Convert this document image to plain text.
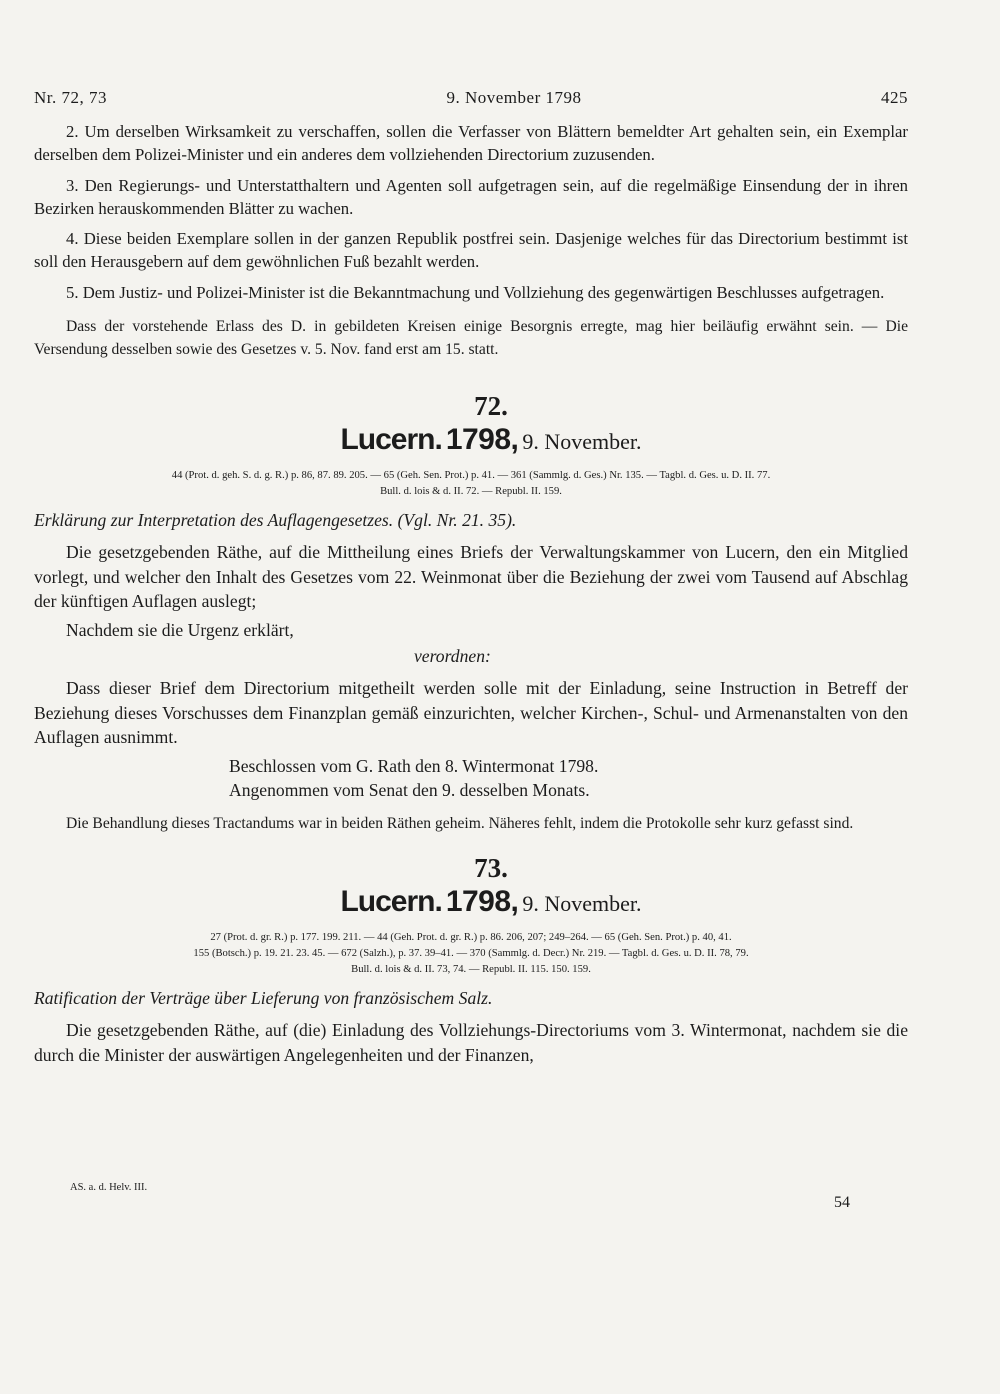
Nr. 72, 73	9. November 1798	425

2. Um derselben Wirksamkeit zu verschaffen, sollen die Verfasser von Blättern bemeldter Art gehalten sein, ein Exemplar derselben dem Polizei-Minister und ein anderes dem vollziehenden Directorium zuzusenden.

3. Den Regierungs- und Unterstatthaltern und Agenten soll aufgetragen sein, auf die regelmäßige Einsendung der in ihren Bezirken herauskommenden Blätter zu wachen.

4. Diese beiden Exemplare sollen in der ganzen Republik postfrei sein. Dasjenige welches für das Directorium bestimmt ist soll den Herausgebern auf dem gewöhnlichen Fuß bezahlt werden.

5. Dem Justiz- und Polizei-Minister ist die Bekanntmachung und Vollziehung des gegenwärtigen Beschlusses aufgetragen.

Dass der vorstehende Erlass des D. in gebildeten Kreisen einige Besorgnis erregte, mag hier beiläufig erwähnt sein. — Die Versendung desselben sowie des Gesetzes v. 5. Nov. fand erst am 15. statt.

72.
Lucern. 1798, 9. November.
44 (Prot. d. geh. S. d. g. R.) p. 86, 87. 89. 205. — 65 (Geh. Sen. Prot.) p. 41. — 361 (Sammlg. d. Ges.) Nr. 135. — Tagbl. d. Ges. u. D. II. 77.
Bull. d. lois & d. II. 72. — Republ. II. 159.

Erklärung zur Interpretation des Auflagengesetzes. (Vgl. Nr. 21. 35).

Die gesetzgebenden Räthe, auf die Mittheilung eines Briefs der Verwaltungskammer von Lucern, den ein Mitglied vorlegt, und welcher den Inhalt des Gesetzes vom 22. Weinmonat über die Beziehung der zwei vom Tausend auf Abschlag der künftigen Auflagen auslegt;

Nachdem sie die Urgenz erklärt,

verordnen:

Dass dieser Brief dem Directorium mitgetheilt werden solle mit der Einladung, seine Instruction in Betreff der Beziehung dieses Vorschusses dem Finanzplan gemäß einzurichten, welcher Kirchen-, Schul- und Armenanstalten von den Auflagen ausnimmt.

Beschlossen vom G. Rath den 8. Wintermonat 1798.

Angenommen vom Senat den 9. desselben Monats.

Die Behandlung dieses Tractandums war in beiden Räthen geheim. Näheres fehlt, indem die Protokolle sehr kurz gefasst sind.

73.
Lucern. 1798, 9. November.
27 (Prot. d. gr. R.) p. 177. 199. 211. — 44 (Geh. Prot. d. gr. R.) p. 86. 206, 207; 249–264. — 65 (Geh. Sen. Prot.) p. 40, 41.
155 (Botsch.) p. 19. 21. 23. 45. — 672 (Salzh.), p. 37. 39–41. — 370 (Sammlg. d. Decr.) Nr. 219. — Tagbl. d. Ges. u. D. II. 78, 79.
Bull. d. lois & d. II. 73, 74. — Republ. II. 115. 150. 159.

Ratification der Verträge über Lieferung von französischem Salz.

Die gesetzgebenden Räthe, auf (die) Einladung des Vollziehungs-Directoriums vom 3. Wintermonat, nachdem sie die durch die Minister der auswärtigen Angelegenheiten und der Finanzen,

AS. a. d. Helv. III.
54
